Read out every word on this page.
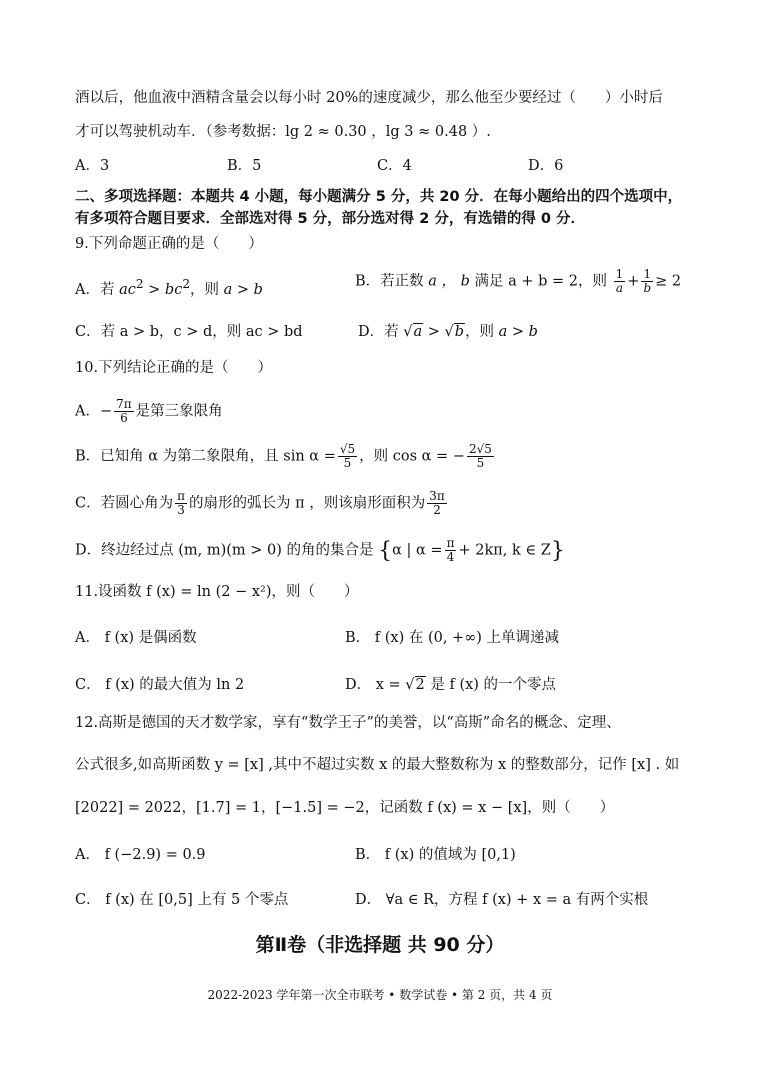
酒以后，他血液中酒精含量会以每小时 20%的速度减少，那么他至少要经过（　　）小时后
才可以驾驶机动车．（参考数据：lg 2 ≈ 0.30 ，lg 3 ≈ 0.48 ）.
A．3	B．5	C．4	D．6
二、多项选择题：本题共 4 小题，每小题满分 5 分，共 20 分．在每小题给出的四个选项中，
有多项符合题目要求．全部选对得 5 分，部分选对得 2 分，有选错的得 0 分．
9.下列命题正确的是（　　）
A．若 $ac^2 > bc^2$，则 a > b
B．若正数 a ， b 满足 a + b = 2，则 $\frac{1}{a} + \frac{1}{b} \ge 2$
C．若 a > b，c > d，则 ac > bd	D．若 √a > √b，则 a > b
10.下列结论正确的是（　　）
A．− $\frac{7\pi}{6}$ 是第三象限角
B．已知角 α 为第二象限角，且 $\sin \alpha = \frac{√5}{5}$ ，则 cos α = − $\frac{2√5}{5}$
C．若圆心角为 $\frac{\pi}{3}$ 的扇形的弧长为 π ，则该扇形面积为 $\frac{3\pi}{2}$
D．终边经过点 (m, m)(m > 0) 的角的集合是 {α | $\alpha = \frac{\pi}{4} + 2k\pi$, k ∈ Z}
11.设函数 f (x) = ln (2 − x²)，则（　　）
A． f (x) 是偶函数	B． f (x) 在 (0, +∞) 上单调递减
C． f (x) 的最大值为 ln 2	D． x = √2 是 f (x) 的一个零点
12.高斯是德国的天才数学家，享有“数学王子”的美誉，以“高斯”命名的概念、定理、
公式很多,如高斯函数 y = [x] ,其中不超过实数 x 的最大整数称为 x 的整数部分，记作 [x] . 如
[2022] = 2022，[1.7] = 1，[−1.5] = −2，记函数 f (x) = x − [x]，则（　　）
A． f (−2.9) = 0.9	B． f (x) 的值域为 [0,1)
C． f (x) 在 [0,5] 上有 5 个零点	D． ∀a ∈ R，方程 f (x) + x = a 有两个实根
第Ⅱ卷（非选择题 共 90 分）
2022-2023 学年第一次全市联考 • 数学试卷 • 第 2 页，共 4 页
